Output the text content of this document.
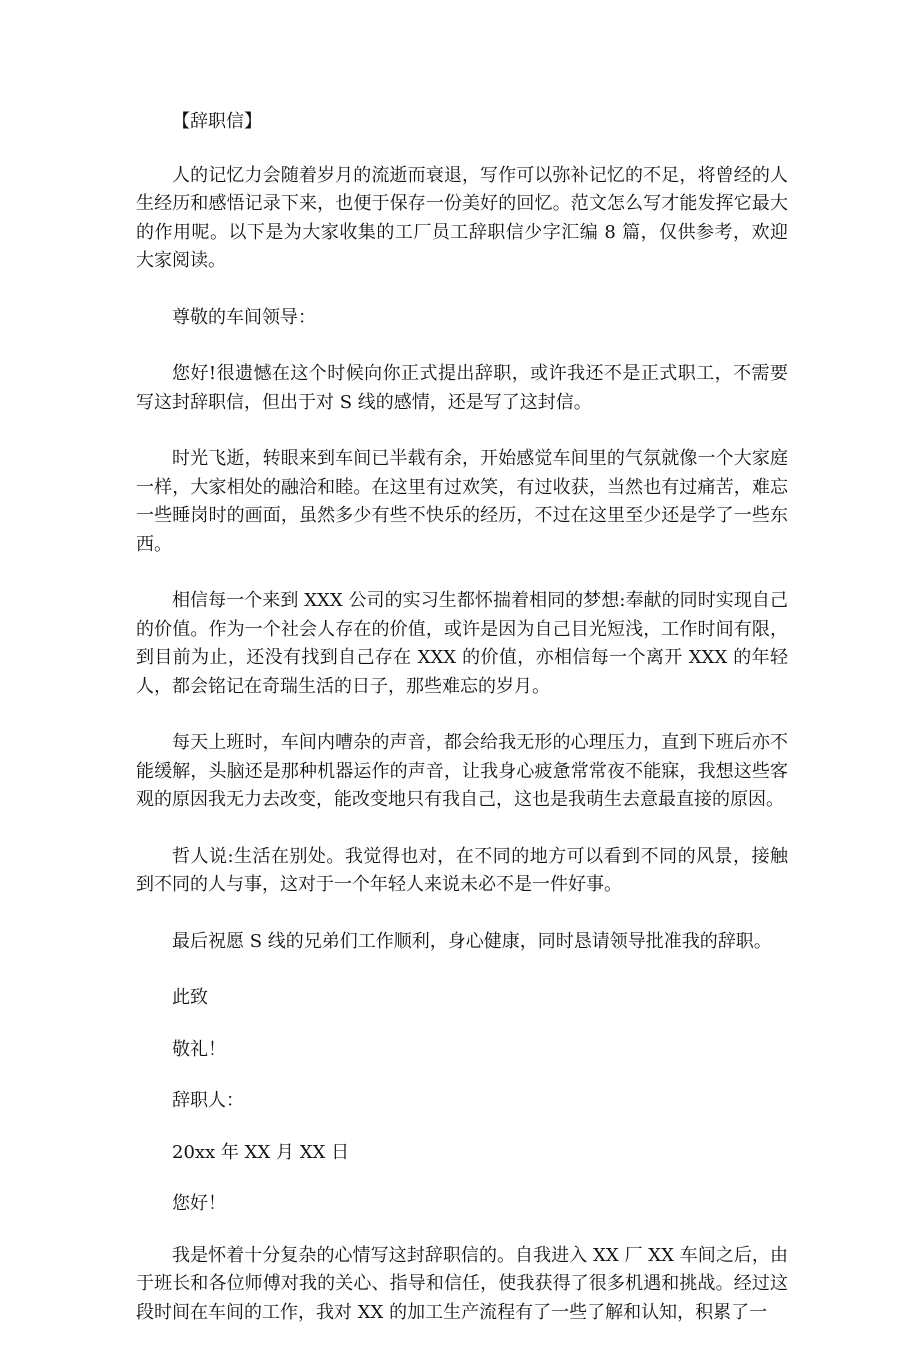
【辞职信】

人的记忆力会随着岁月的流逝而衰退，写作可以弥补记忆的不足，将曾经的人生经历和感悟记录下来，也便于保存一份美好的回忆。范文怎么写才能发挥它最大的作用呢。以下是为大家收集的工厂员工辞职信少字汇编 8 篇，仅供参考，欢迎大家阅读。

尊敬的车间领导：

您好!很遗憾在这个时候向你正式提出辞职，或许我还不是正式职工，不需要写这封辞职信，但出于对 S 线的感情，还是写了这封信。

时光飞逝，转眼来到车间已半载有余，开始感觉车间里的气氛就像一个大家庭一样，大家相处的融洽和睦。在这里有过欢笑，有过收获，当然也有过痛苦，难忘一些睡岗时的画面，虽然多少有些不快乐的经历，不过在这里至少还是学了一些东西。

相信每一个来到 XXX 公司的实习生都怀揣着相同的梦想:奉献的同时实现自己的价值。作为一个社会人存在的价值，或许是因为自己目光短浅，工作时间有限，到目前为止，还没有找到自己存在 XXX 的价值，亦相信每一个离开 XXX 的年轻人，都会铭记在奇瑞生活的日子，那些难忘的岁月。

每天上班时，车间内嘈杂的声音，都会给我无形的心理压力，直到下班后亦不能缓解，头脑还是那种机器运作的声音，让我身心疲惫常常夜不能寐，我想这些客观的原因我无力去改变，能改变地只有我自己，这也是我萌生去意最直接的原因。

哲人说:生活在别处。我觉得也对，在不同的地方可以看到不同的风景，接触到不同的人与事，这对于一个年轻人来说未必不是一件好事。

最后祝愿 S 线的兄弟们工作顺利，身心健康，同时恳请领导批准我的辞职。

此致

敬礼！

辞职人：

20xx 年 XX 月 XX 日

您好！

我是怀着十分复杂的心情写这封辞职信的。自我进入 XX 厂 XX 车间之后，由于班长和各位师傅对我的关心、指导和信任，使我获得了很多机遇和挑战。经过这段时间在车间的工作，我对 XX 的加工生产流程有了一些了解和认知，积累了一
